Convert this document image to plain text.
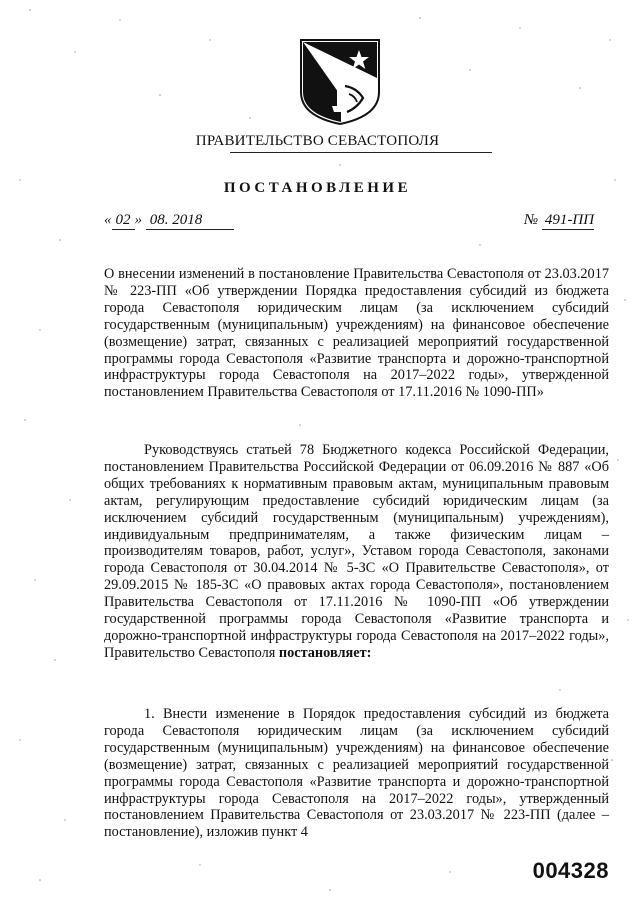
ПРАВИТЕЛЬСТВО СЕВАСТОПОЛЯ
ПОСТАНОВЛЕНИЕ
« 02 » 08. 2018	№ 491-ПП

О внесении изменений в постановление Правительства Севастополя от 23.03.2017 № 223-ПП «Об утверждении Порядка предоставления субсидий из бюджета города Севастополя юридическим лицам (за исключением субсидий государственным (муниципальным) учреждениям) на финансовое обеспечение (возмещение) затрат, связанных с реализацией мероприятий государственной программы города Севастополя «Развитие транспорта и дорожно-транспортной инфраструктуры города Севастополя на 2017–2022 годы», утвержденной постановлением Правительства Севастополя от 17.11.2016 № 1090-ПП»

Руководствуясь статьей 78 Бюджетного кодекса Российской Федерации, постановлением Правительства Российской Федерации от 06.09.2016 № 887 «Об общих требованиях к нормативным правовым актам, муниципальным правовым актам, регулирующим предоставление субсидий юридическим лицам (за исключением субсидий государственным (муниципальным) учреждениям), индивидуальным предпринимателям, а также физическим лицам – производителям товаров, работ, услуг», Уставом города Севастополя, законами города Севастополя от 30.04.2014 № 5-ЗС «О Правительстве Севастополя», от 29.09.2015 № 185-ЗС «О правовых актах города Севастополя», постановлением Правительства Севастополя от 17.11.2016 № 1090-ПП «Об утверждении государственной программы города Севастополя «Развитие транспорта и дорожно-транспортной инфраструктуры города Севастополя на 2017–2022 годы», Правительство Севастополя постановляет:

1. Внести изменение в Порядок предоставления субсидий из бюджета города Севастополя юридическим лицам (за исключением субсидий государственным (муниципальным) учреждениям) на финансовое обеспечение (возмещение) затрат, связанных с реализацией мероприятий государственной программы города Севастополя «Развитие транспорта и дорожно-транспортной инфраструктуры города Севастополя на 2017–2022 годы», утвержденный постановлением Правительства Севастополя от 23.03.2017 № 223-ПП (далее – постановление), изложив пункт 4

004328
